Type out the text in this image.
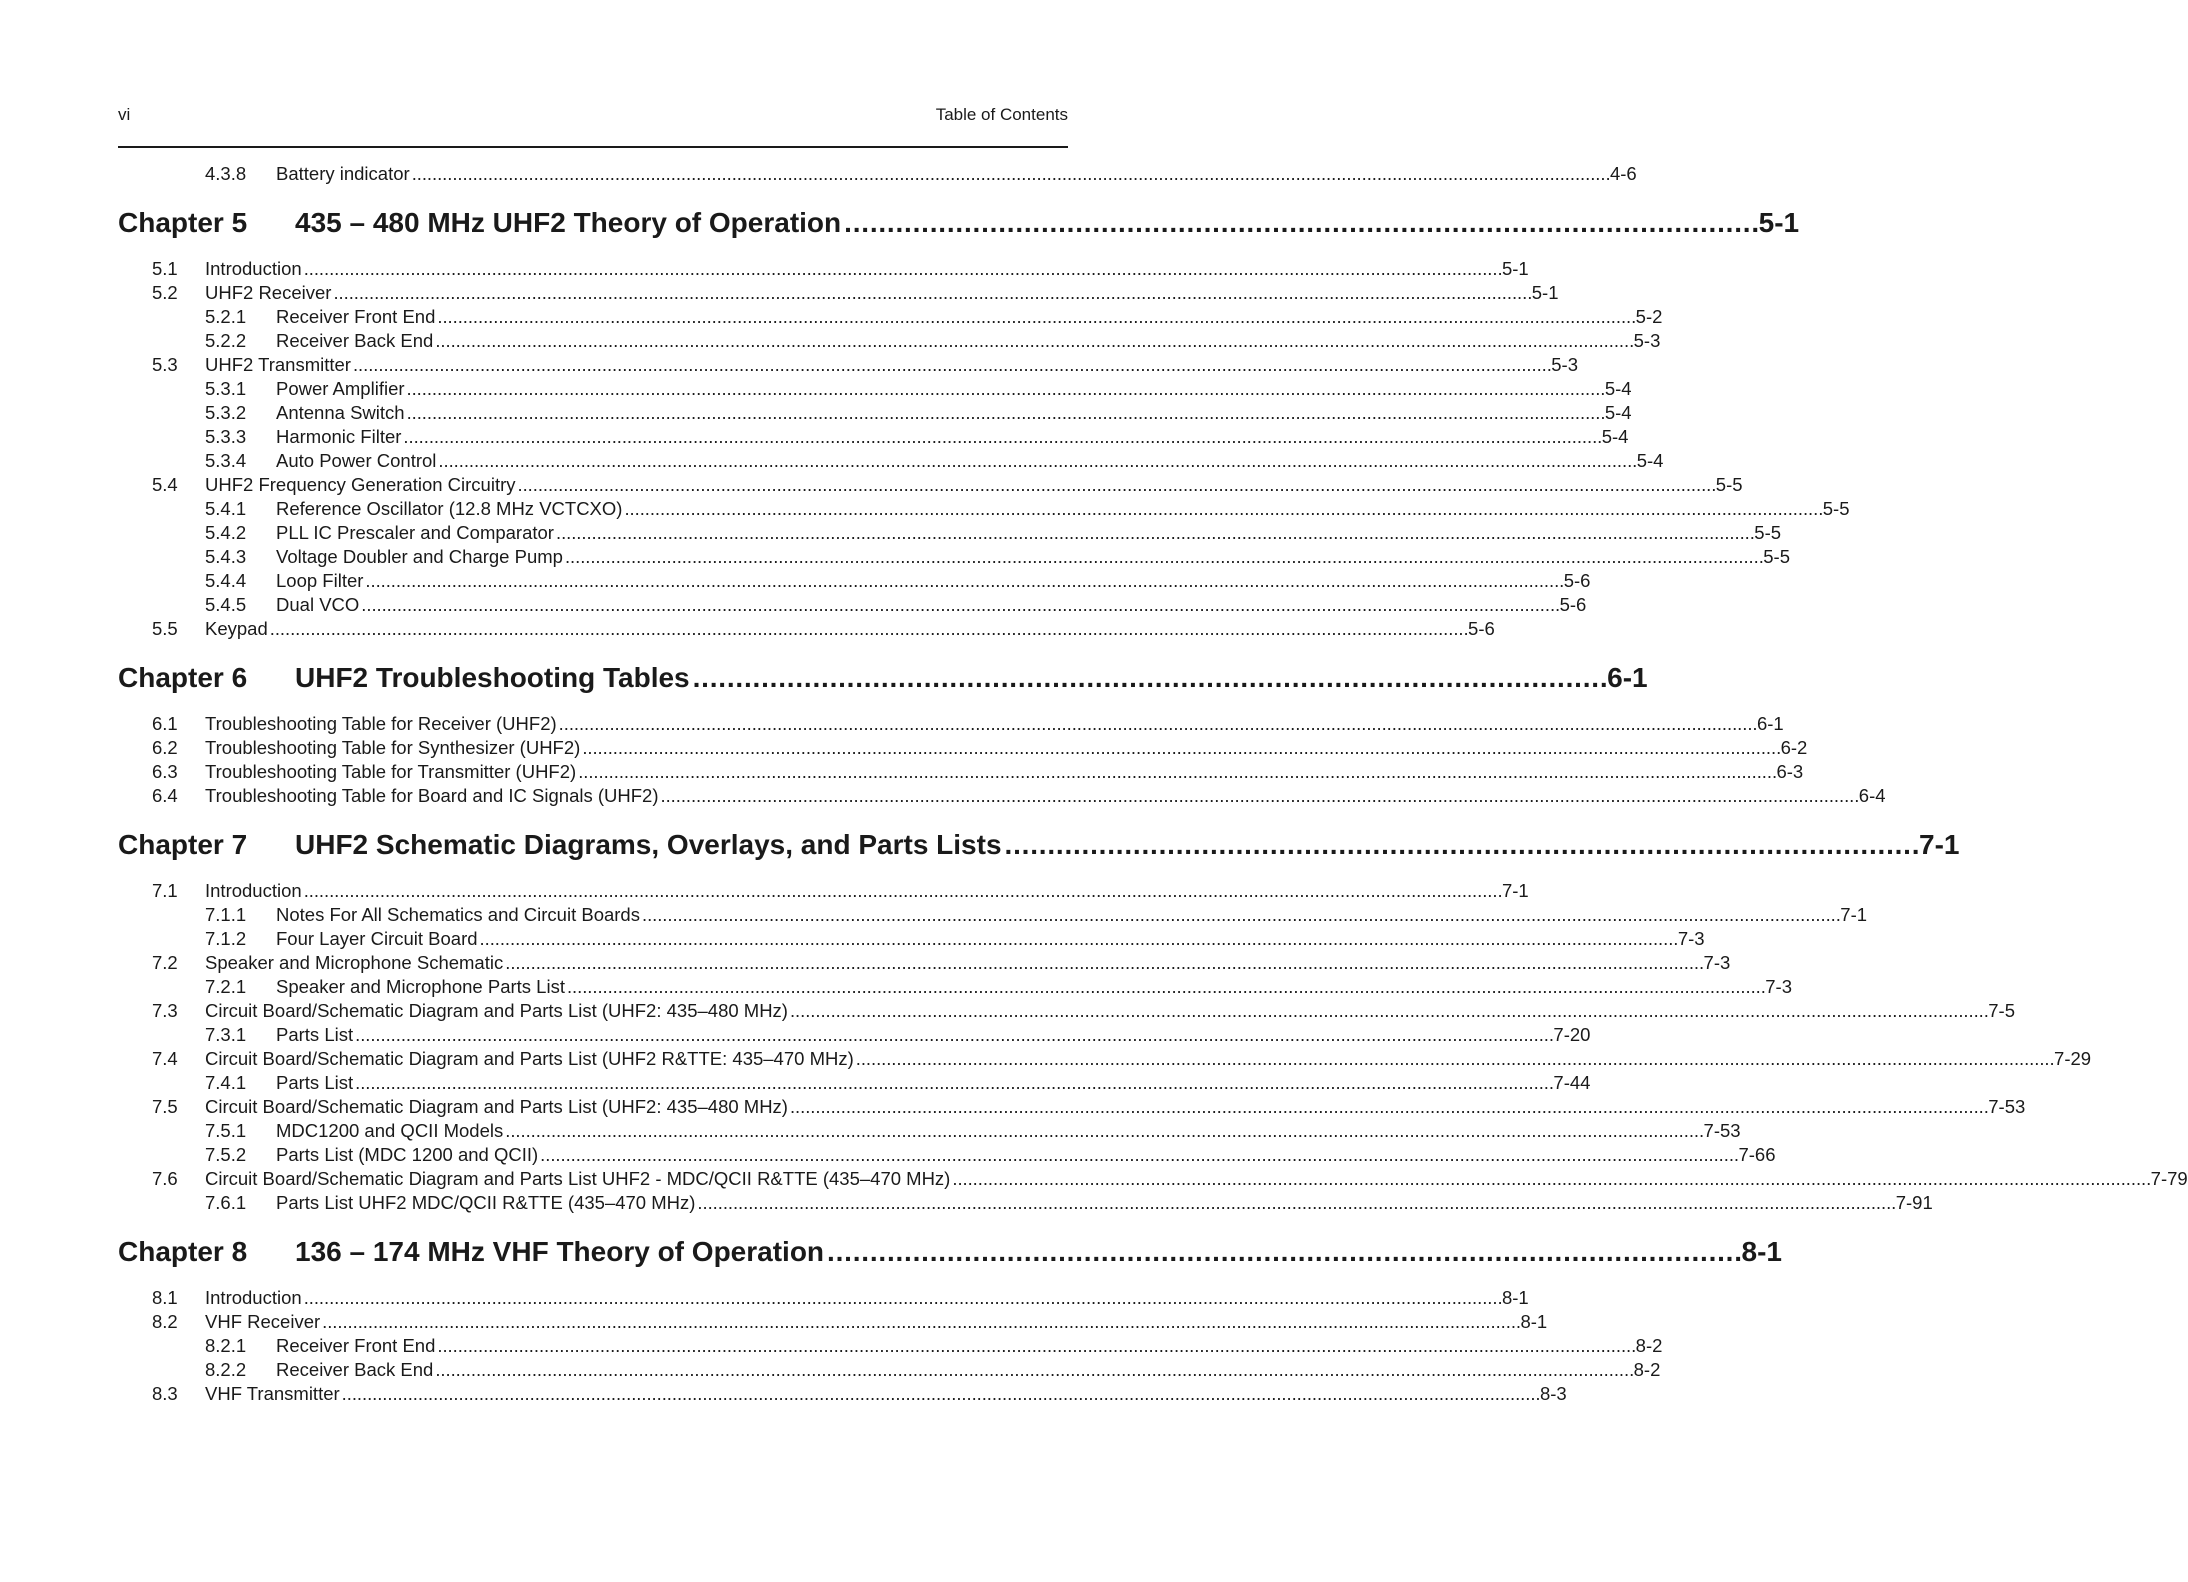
vi	Table of Contents
4.3.8	Battery indicator . . .	4-6
Chapter 5	435 – 480 MHz UHF2 Theory of Operation . . .	5-1
5.1	Introduction . . .	5-1
5.2	UHF2 Receiver . . .	5-1
5.2.1	Receiver Front End . . .	5-2
5.2.2	Receiver Back End . . .	5-3
5.3	UHF2 Transmitter . . .	5-3
5.3.1	Power Amplifier . . .	5-4
5.3.2	Antenna Switch . . .	5-4
5.3.3	Harmonic Filter . . .	5-4
5.3.4	Auto Power Control . . .	5-4
5.4	UHF2 Frequency Generation Circuitry . . .	5-5
5.4.1	Reference Oscillator (12.8 MHz VCTCXO) . . .	5-5
5.4.2	PLL IC Prescaler and Comparator . . .	5-5
5.4.3	Voltage Doubler and Charge Pump . . .	5-5
5.4.4	Loop Filter . . .	5-6
5.4.5	Dual VCO . . .	5-6
5.5	Keypad . . .	5-6
Chapter 6	UHF2 Troubleshooting Tables . . .	6-1
6.1	Troubleshooting Table for Receiver (UHF2) . . .	6-1
6.2	Troubleshooting Table for Synthesizer (UHF2) . . .	6-2
6.3	Troubleshooting Table for Transmitter (UHF2) . . .	6-3
6.4	Troubleshooting Table for Board and IC Signals (UHF2) . . .	6-4
Chapter 7	UHF2 Schematic Diagrams, Overlays, and Parts Lists . . .	7-1
7.1	Introduction . . .	7-1
7.1.1	Notes For All Schematics and Circuit Boards . . .	7-1
7.1.2	Four Layer Circuit Board . . .	7-3
7.2	Speaker and Microphone Schematic . . .	7-3
7.2.1	Speaker and Microphone Parts List . . .	7-3
7.3	Circuit Board/Schematic Diagram and Parts List (UHF2: 435–480 MHz) . . .	7-5
7.3.1	Parts List . . .	7-20
7.4	Circuit Board/Schematic Diagram and Parts List (UHF2 R&TTE: 435–470 MHz) . . .	7-29
7.4.1	Parts List . . .	7-44
7.5	Circuit Board/Schematic Diagram and Parts List (UHF2: 435–480 MHz) . . .	7-53
7.5.1	MDC1200 and QCII Models . . .	7-53
7.5.2	Parts List (MDC 1200 and QCII) . . .	7-66
7.6	Circuit Board/Schematic Diagram and Parts List UHF2 - MDC/QCII R&TTE (435–470 MHz) . . .	7-79
7.6.1	Parts List UHF2 MDC/QCII R&TTE (435–470 MHz) . . .	7-91
Chapter 8	136 – 174 MHz VHF Theory of Operation . . .	8-1
8.1	Introduction . . .	8-1
8.2	VHF Receiver . . .	8-1
8.2.1	Receiver Front End . . .	8-2
8.2.2	Receiver Back End . . .	8-2
8.3	VHF Transmitter . . .	8-3
